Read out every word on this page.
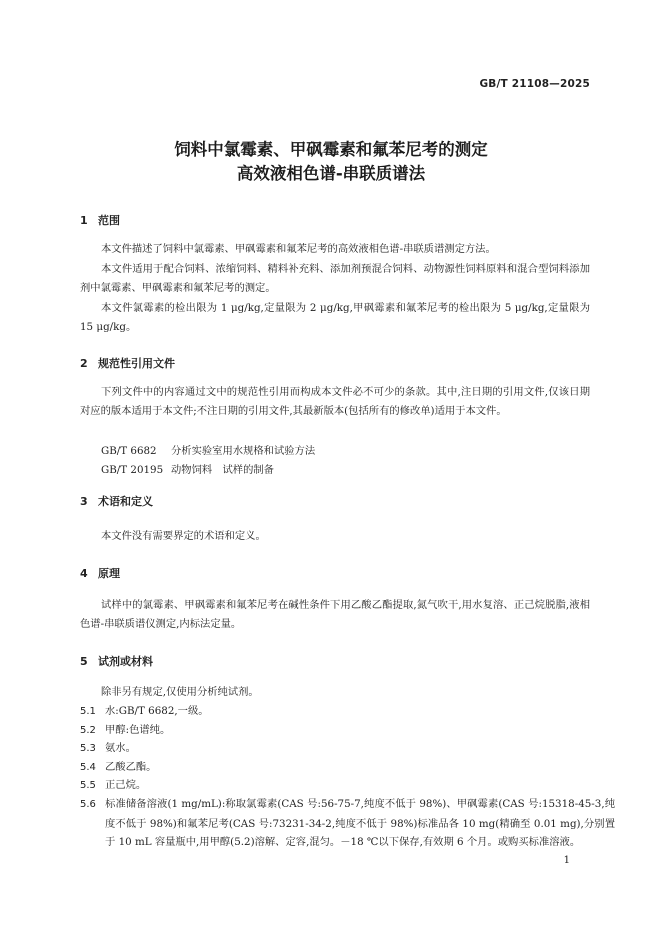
GB/T 21108—2025
饲料中氯霉素、甲砜霉素和氟苯尼考的测定
高效液相色谱-串联质谱法
1 范围
本文件描述了饲料中氯霉素、甲砜霉素和氟苯尼考的高效液相色谱-串联质谱测定方法。
本文件适用于配合饲料、浓缩饲料、精料补充料、添加剂预混合饲料、动物源性饲料原料和混合型饲料添加剂中氯霉素、甲砜霉素和氟苯尼考的测定。
本文件氯霉素的检出限为 1 μg/kg,定量限为 2 μg/kg,甲砜霉素和氟苯尼考的检出限为 5 μg/kg,定量限为 15 μg/kg。
2 规范性引用文件
下列文件中的内容通过文中的规范性引用而构成本文件必不可少的条款。其中,注日期的引用文件,仅该日期对应的版本适用于本文件;不注日期的引用文件,其最新版本(包括所有的修改单)适用于本文件。
GB/T 6682 分析实验室用水规格和试验方法
GB/T 20195 动物饲料　试样的制备
3 术语和定义
本文件没有需要界定的术语和定义。
4 原理
试样中的氯霉素、甲砜霉素和氟苯尼考在碱性条件下用乙酸乙酯提取,氮气吹干,用水复溶、正己烷脱脂,液相色谱-串联质谱仪测定,内标法定量。
5 试剂或材料
除非另有规定,仅使用分析纯试剂。
5.1 水:GB/T 6682,一级。
5.2 甲醇:色谱纯。
5.3 氨水。
5.4 乙酸乙酯。
5.5 正己烷。
5.6 标准储备溶液(1 mg/mL):称取氯霉素(CAS 号:56-75-7,纯度不低于 98%)、甲砜霉素(CAS 号:15318-45-3,纯度不低于 98%)和氟苯尼考(CAS 号:73231-34-2,纯度不低于 98%)标准品各 10 mg(精确至 0.01 mg),分别置于 10 mL 容量瓶中,用甲醇(5.2)溶解、定容,混匀。－18 ℃以下保存,有效期 6 个月。或购买标准溶液。
1
